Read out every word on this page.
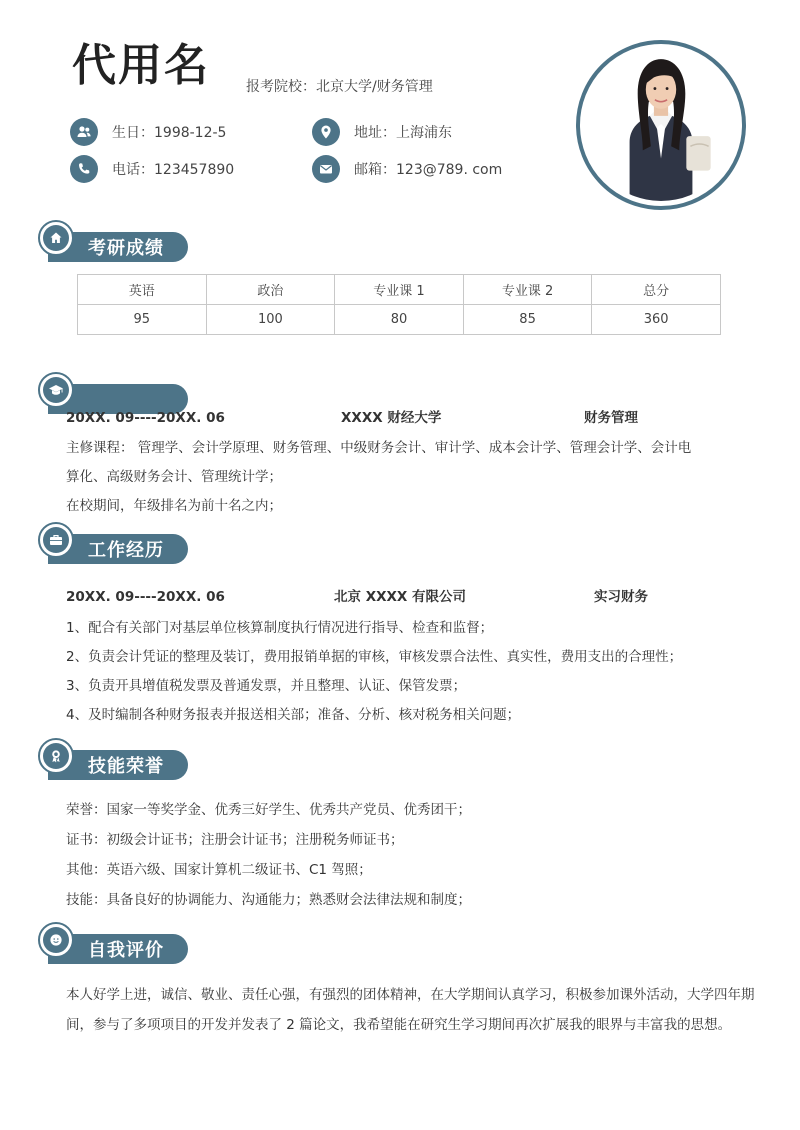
代用名	报考院校：北京大学/财务管理
生日：1998-12-5	地址：上海浦东
电话：123457890	邮箱：123@789. com
考研成绩
英语	政治	专业课 1	专业课 2	总分
95	100	80	85	360
20XX. 09----20XX. 06	XXXX 财经大学	财务管理
主修课程： 管理学、会计学原理、财务管理、中级财务会计、审计学、成本会计学、管理会计学、会计电
算化、高级财务会计、管理统计学；
在校期间，年级排名为前十名之内；
工作经历
20XX. 09----20XX. 06	北京 XXXX 有限公司	实习财务
1、配合有关部门对基层单位核算制度执行情况进行指导、检查和监督；
2、负责会计凭证的整理及装订，费用报销单据的审核，审核发票合法性、真实性，费用支出的合理性；
3、负责开具增值税发票及普通发票，并且整理、认证、保管发票；
4、及时编制各种财务报表并报送相关部；准备、分析、核对税务相关问题；
技能荣誉
荣誉：国家一等奖学金、优秀三好学生、优秀共产党员、优秀团干；
证书：初级会计证书；注册会计证书；注册税务师证书；
其他：英语六级、国家计算机二级证书、C1 驾照；
技能：具备良好的协调能力、沟通能力；熟悉财会法律法规和制度；
自我评价
本人好学上进，诚信、敬业、责任心强，有强烈的团体精神，在大学期间认真学习，积极参加课外活动，大学四年期间，参与了多项项目的开发并发表了 2 篇论文，我希望能在研究生学习期间再次扩展我的眼界与丰富我的思想。
